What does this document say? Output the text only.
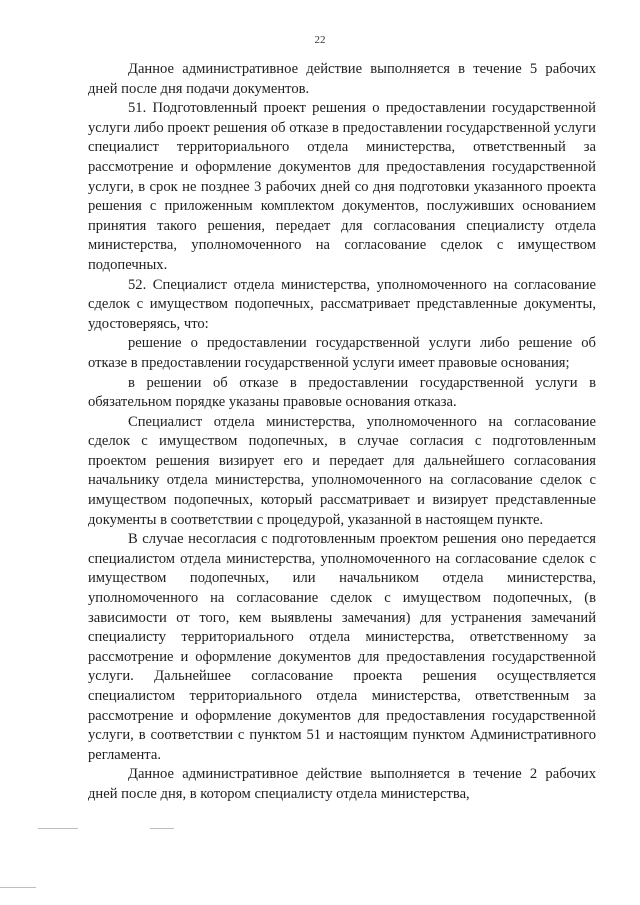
22

Данное административное действие выполняется в течение 5 рабочих дней после дня подачи документов.

51. Подготовленный проект решения о предоставлении государственной услуги либо проект решения об отказе в предоставлении государственной услуги специалист территориального отдела министерства, ответственный за рассмотрение и оформление документов для предоставления государственной услуги, в срок не позднее 3 рабочих дней со дня подготовки указанного проекта решения с приложенным комплектом документов, послуживших основанием принятия такого решения, передает для согласования специалисту отдела министерства, уполномоченного на согласование сделок с имуществом подопечных.

52. Специалист отдела министерства, уполномоченного на согласование сделок с имуществом подопечных, рассматривает представленные документы, удостоверяясь, что:

решение о предоставлении государственной услуги либо решение об отказе в предоставлении государственной услуги имеет правовые основания;

в решении об отказе в предоставлении государственной услуги в обязательном порядке указаны правовые основания отказа.

Специалист отдела министерства, уполномоченного на согласование сделок с имуществом подопечных, в случае согласия с подготовленным проектом решения визирует его и передает для дальнейшего согласования начальнику отдела министерства, уполномоченного на согласование сделок с имуществом подопечных, который рассматривает и визирует представленные документы в соответствии с процедурой, указанной в настоящем пункте.

В случае несогласия с подготовленным проектом решения оно передается специалистом отдела министерства, уполномоченного на согласование сделок с имуществом подопечных, или начальником отдела министерства, уполномоченного на согласование сделок с имуществом подопечных, (в зависимости от того, кем выявлены замечания) для устранения замечаний специалисту территориального отдела министерства, ответственному за рассмотрение и оформление документов для предоставления государственной услуги. Дальнейшее согласование проекта решения осуществляется специалистом территориального отдела министерства, ответственным за рассмотрение и оформление документов для предоставления государственной услуги, в соответствии с пунктом 51 и настоящим пунктом Административного регламента.

Данное административное действие выполняется в течение 2 рабочих дней после дня, в котором специалисту отдела министерства,
